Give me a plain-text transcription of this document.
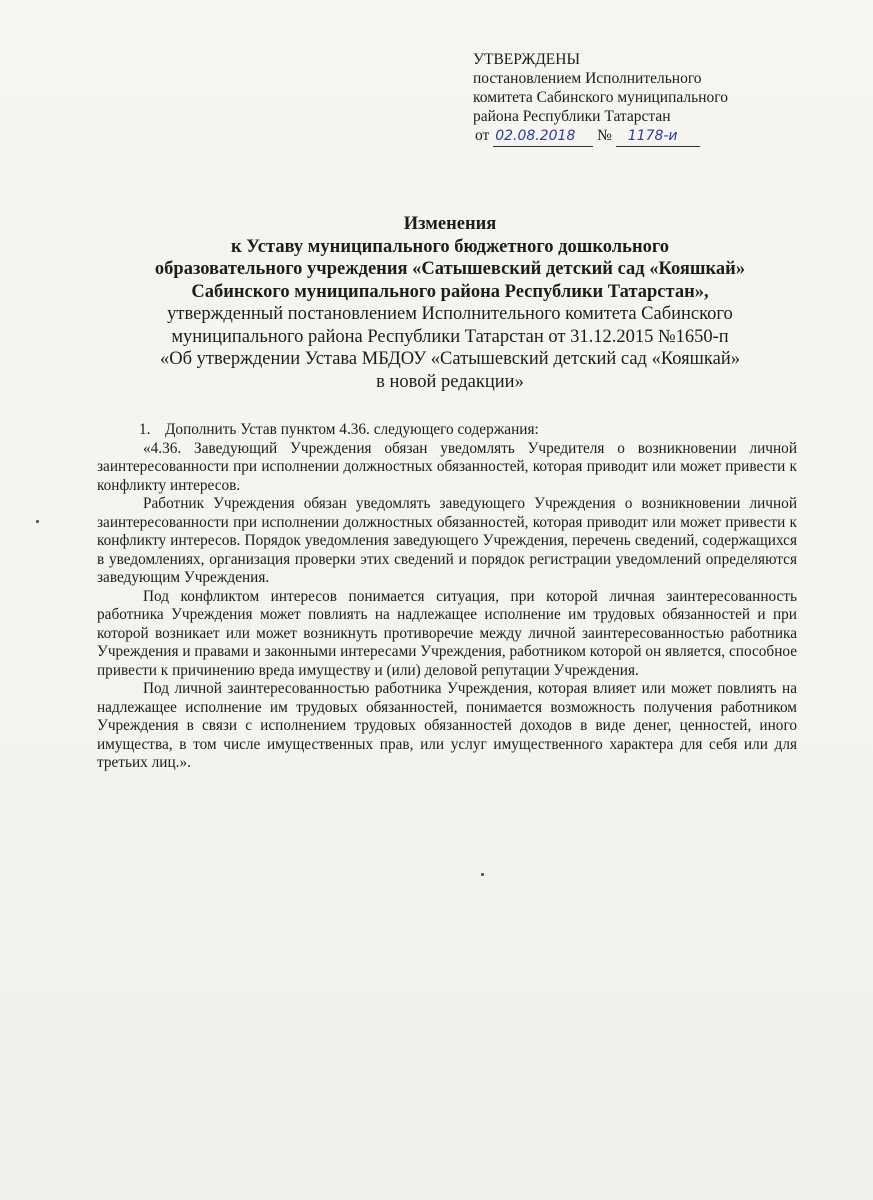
УТВЕРЖДЕНЫ
постановлением Исполнительного
комитета Сабинского муниципального
района Республики Татарстан
от 02.08.2018 № 1178-и
Изменения
к Уставу муниципального бюджетного дошкольного
образовательного учреждения «Сатышевский детский сад «Кояшкай»
Сабинского муниципального района Республики Татарстан»,
утвержденный постановлением Исполнительного комитета Сабинского
муниципального района Республики Татарстан от 31.12.2015 №1650-п
«Об утверждении Устава МБДОУ «Сатышевский детский сад «Кояшкай»
в новой редакции»

1. Дополнить Устав пунктом 4.36. следующего содержания:

«4.36. Заведующий Учреждения обязан уведомлять Учредителя о возникновении личной заинтересованности при исполнении должностных обязанностей, которая приводит или может привести к конфликту интересов.

Работник Учреждения обязан уведомлять заведующего Учреждения о возникновении личной заинтересованности при исполнении должностных обязанностей, которая приводит или может привести к конфликту интересов. Порядок уведомления заведующего Учреждения, перечень сведений, содержащихся в уведомлениях, организация проверки этих сведений и порядок регистрации уведомлений определяются заведующим Учреждения.

Под конфликтом интересов понимается ситуация, при которой личная заинтересованность работника Учреждения может повлиять на надлежащее исполнение им трудовых обязанностей и при которой возникает или может возникнуть противоречие между личной заинтересованностью работника Учреждения и правами и законными интересами Учреждения, работником которой он является, способное привести к причинению вреда имуществу и (или) деловой репутации Учреждения.

Под личной заинтересованностью работника Учреждения, которая влияет или может повлиять на надлежащее исполнение им трудовых обязанностей, понимается возможность получения работником Учреждения в связи с исполнением трудовых обязанностей доходов в виде денег, ценностей, иного имущества, в том числе имущественных прав, или услуг имущественного характера для себя или для третьих лиц.».
